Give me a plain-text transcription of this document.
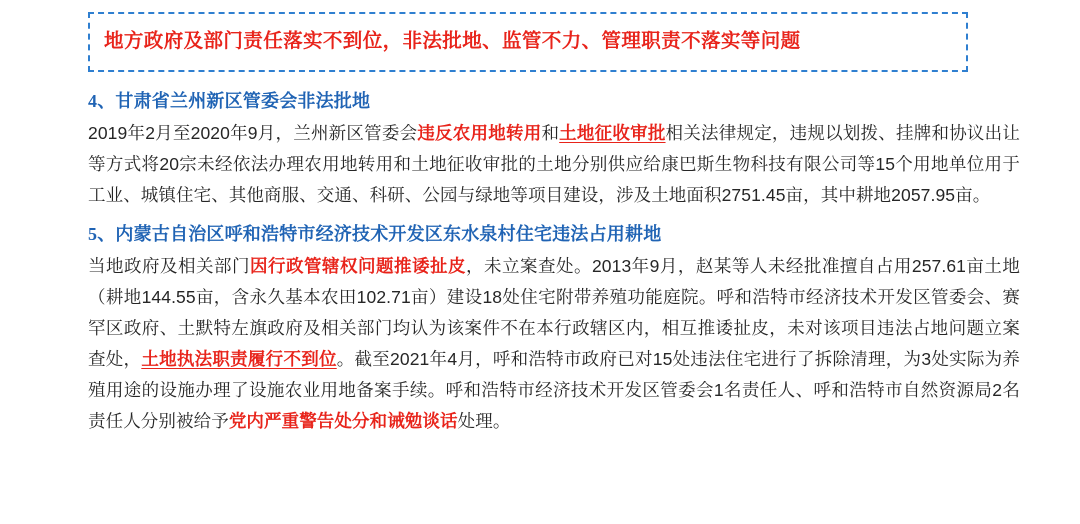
地方政府及部门责任落实不到位，非法批地、监管不力、管理职责不落实等问题
4、甘肃省兰州新区管委会非法批地

2019年2月至2020年9月，兰州新区管委会违反农用地转用和土地征收审批相关法律规定，违规以划拨、挂牌和协议出让等方式将20宗未经依法办理农用地转用和土地征收审批的土地分别供应给康巴斯生物科技有限公司等15个用地单位用于工业、城镇住宅、其他商服、交通、科研、公园与绿地等项目建设，涉及土地面积2751.45亩，其中耕地2057.95亩。

5、内蒙古自治区呼和浩特市经济技术开发区东水泉村住宅违法占用耕地

当地政府及相关部门因行政管辖权问题推诿扯皮，未立案查处。2013年9月，赵某等人未经批准擅自占用257.61亩土地（耕地144.55亩，含永久基本农田102.71亩）建设18处住宅附带养殖功能庭院。呼和浩特市经济技术开发区管委会、赛罕区政府、土默特左旗政府及相关部门均认为该案件不在本行政辖区内，相互推诿扯皮，未对该项目违法占地问题立案查处，土地执法职责履行不到位。截至2021年4月，呼和浩特市政府已对15处违法住宅进行了拆除清理，为3处实际为养殖用途的设施办理了设施农业用地备案手续。呼和浩特市经济技术开发区管委会1名责任人、呼和浩特市自然资源局2名责任人分别被给予党内严重警告处分和诫勉谈话处理。
